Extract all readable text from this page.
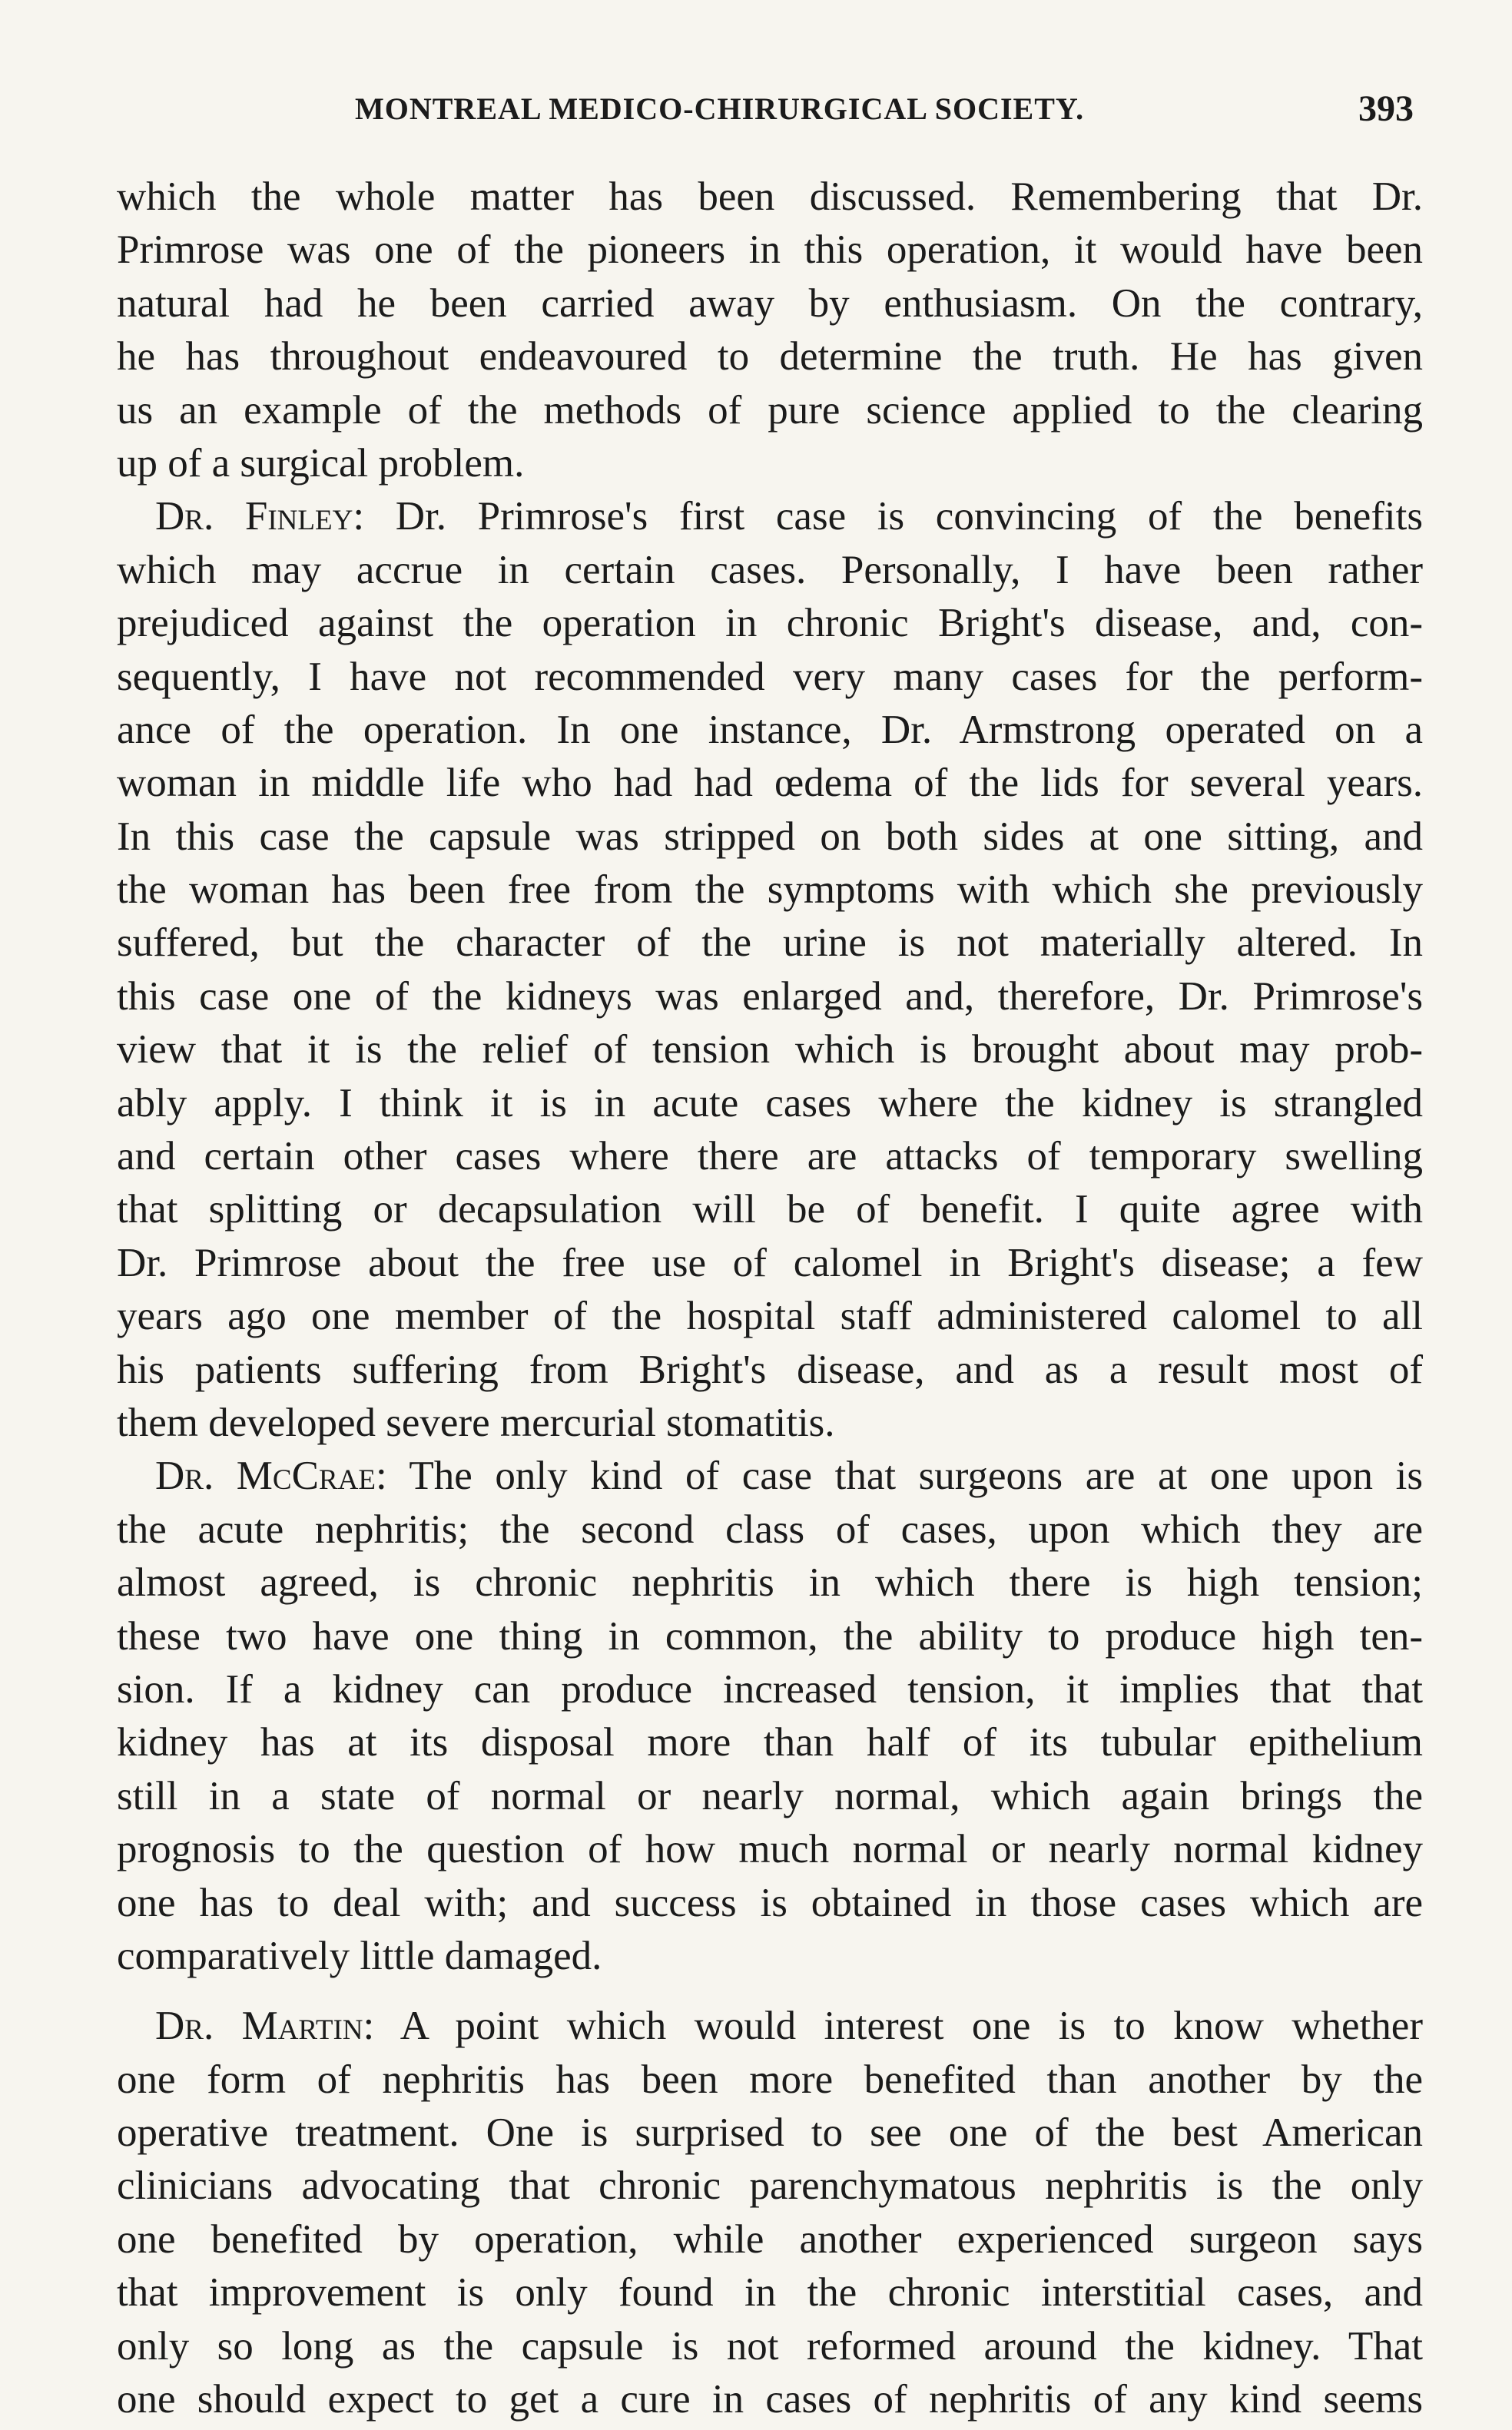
MONTREAL MEDICO-CHIRURGICAL SOCIETY.	393
which the whole matter has been discussed. Remembering that Dr.
Primrose was one of the pioneers in this operation, it would have been
natural had he been carried away by enthusiasm. On the contrary,
he has throughout endeavoured to determine the truth. He has given
us an example of the methods of pure science applied to the clearing
up of a surgical problem.
Dr. Finley: Dr. Primrose's first case is convincing of the benefits
which may accrue in certain cases. Personally, I have been rather
prejudiced against the operation in chronic Bright's disease, and, con-
sequently, I have not recommended very many cases for the perform-
ance of the operation. In one instance, Dr. Armstrong operated on a
woman in middle life who had had œdema of the lids for several years.
In this case the capsule was stripped on both sides at one sitting, and
the woman has been free from the symptoms with which she previously
suffered, but the character of the urine is not materially altered. In
this case one of the kidneys was enlarged and, therefore, Dr. Primrose's
view that it is the relief of tension which is brought about may prob-
ably apply. I think it is in acute cases where the kidney is strangled
and certain other cases where there are attacks of temporary swelling
that splitting or decapsulation will be of benefit. I quite agree with
Dr. Primrose about the free use of calomel in Bright's disease; a few
years ago one member of the hospital staff administered calomel to all
his patients suffering from Bright's disease, and as a result most of
them developed severe mercurial stomatitis.
Dr. McCrae: The only kind of case that surgeons are at one upon is
the acute nephritis; the second class of cases, upon which they are
almost agreed, is chronic nephritis in which there is high tension;
these two have one thing in common, the ability to produce high ten-
sion. If a kidney can produce increased tension, it implies that that
kidney has at its disposal more than half of its tubular epithelium
still in a state of normal or nearly normal, which again brings the
prognosis to the question of how much normal or nearly normal kidney
one has to deal with; and success is obtained in those cases which are
comparatively little damaged.
Dr. Martin: A point which would interest one is to know whether
one form of nephritis has been more benefited than another by the
operative treatment. One is surprised to see one of the best American
clinicians advocating that chronic parenchymatous nephritis is the only
one benefited by operation, while another experienced surgeon says
that improvement is only found in the chronic interstitial cases, and
only so long as the capsule is not reformed around the kidney. That
one should expect to get a cure in cases of nephritis of any kind seems
